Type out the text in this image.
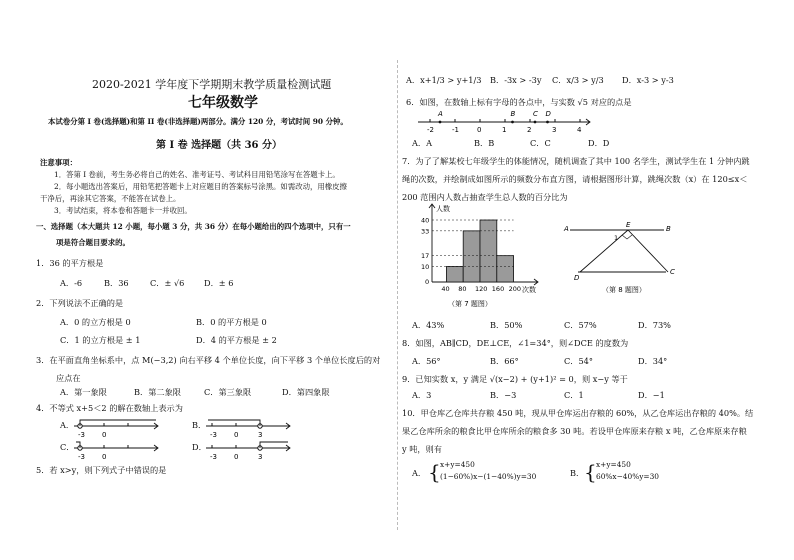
2020-2021 学年度下学期期末教学质量检测试题
七年级数学
本试卷分第 I 卷(选择题)和第 II 卷(非选择题)两部分。满分 120 分，考试时间 90 分钟。
第 I 卷 选择题（共 36 分）
注意事项：
1．答第 I 卷前，考生务必将自己的姓名、准考证号、考试科目用铅笔涂写在答题卡上。
2．每小题选出答案后，用铅笔把答题卡上对应题目的答案标号涂黑。如需改动，用橡皮擦
干净后，再涂其它答案，不能答在试卷上。
3．考试结束，将本卷和答题卡一并收回。
一、选择题（本大题共 12 小题，每小题 3 分，共 36 分）在每小题给出的四个选项中，只有一
项是符合题目要求的。
1．36 的平方根是
A．-6	B．36	C．± √6 D．± 6
2．下列说法不正确的是
A．0 的立方根是 0	B．0 的平方根是 0
C．1 的立方根是 ± 1	D．4 的平方根是 ± 2
3．在平面直角坐标系中，点 M(−3,2) 向右平移 4 个单位长度，向下平移 3 个单位长度后的对
应点在
A．第一象限	B．第二象限	C．第三象限	D．第四象限
4．不等式 x+5＜2 的解在数轴上表示为
A．	B．
C．	D．
-3 0	-3 0	3
-3 0	-3 0	3
5．若 x>y，则下列式子中错误的是
A．x+1/3 > y+1/3 B．-3x > -3y C．x/3 > y/3 D．x-3 > y-3
6．如图，在数轴上标有字母的各点中，与实数 √5 对应的点是
-2	-1	0	1	2	3	4
A	B	C D
A．A	B．B	C．C	D．D
7．为了了解某校七年级学生的体能情况，随机调查了其中 100 名学生，测试学生在 1 分钟内跳
绳的次数，并绘制成如图所示的频数分布直方图，请根据图形计算，跳绳次数（x）在 120≤x＜
200 范围内人数占抽查学生总人数的百分比为
人数
次数
0
10
17
33
40
40 80 120 160 200
（第 7 题图）
A	B
E
D
C
1
（第 8 题图）
A．43%	B．50%	C．57%	D．73%
8．如图，AB∥CD，DE⊥CE，∠1=34°，则∠DCE 的度数为
A．56°	B．66°	C．54°	D．34°
9．已知实数 x，y 满足 √(x−2) + (y+1)² = 0，则 x−y 等于
A．3	B．−3	C．1	D．−1
10．甲仓库乙仓库共存粮 450 吨，现从甲仓库运出存粮的 60%，从乙仓库运出存粮的 40%。结
果乙仓库所余的粮食比甲仓库所余的粮食多 30 吨。若设甲仓库原来存粮 x 吨，乙仓库原来存粮
y 吨，则有
A． { x+y=450
(1−60%)x−(1−40%)y=30	B． { x+y=450
60%x−40%y=30
